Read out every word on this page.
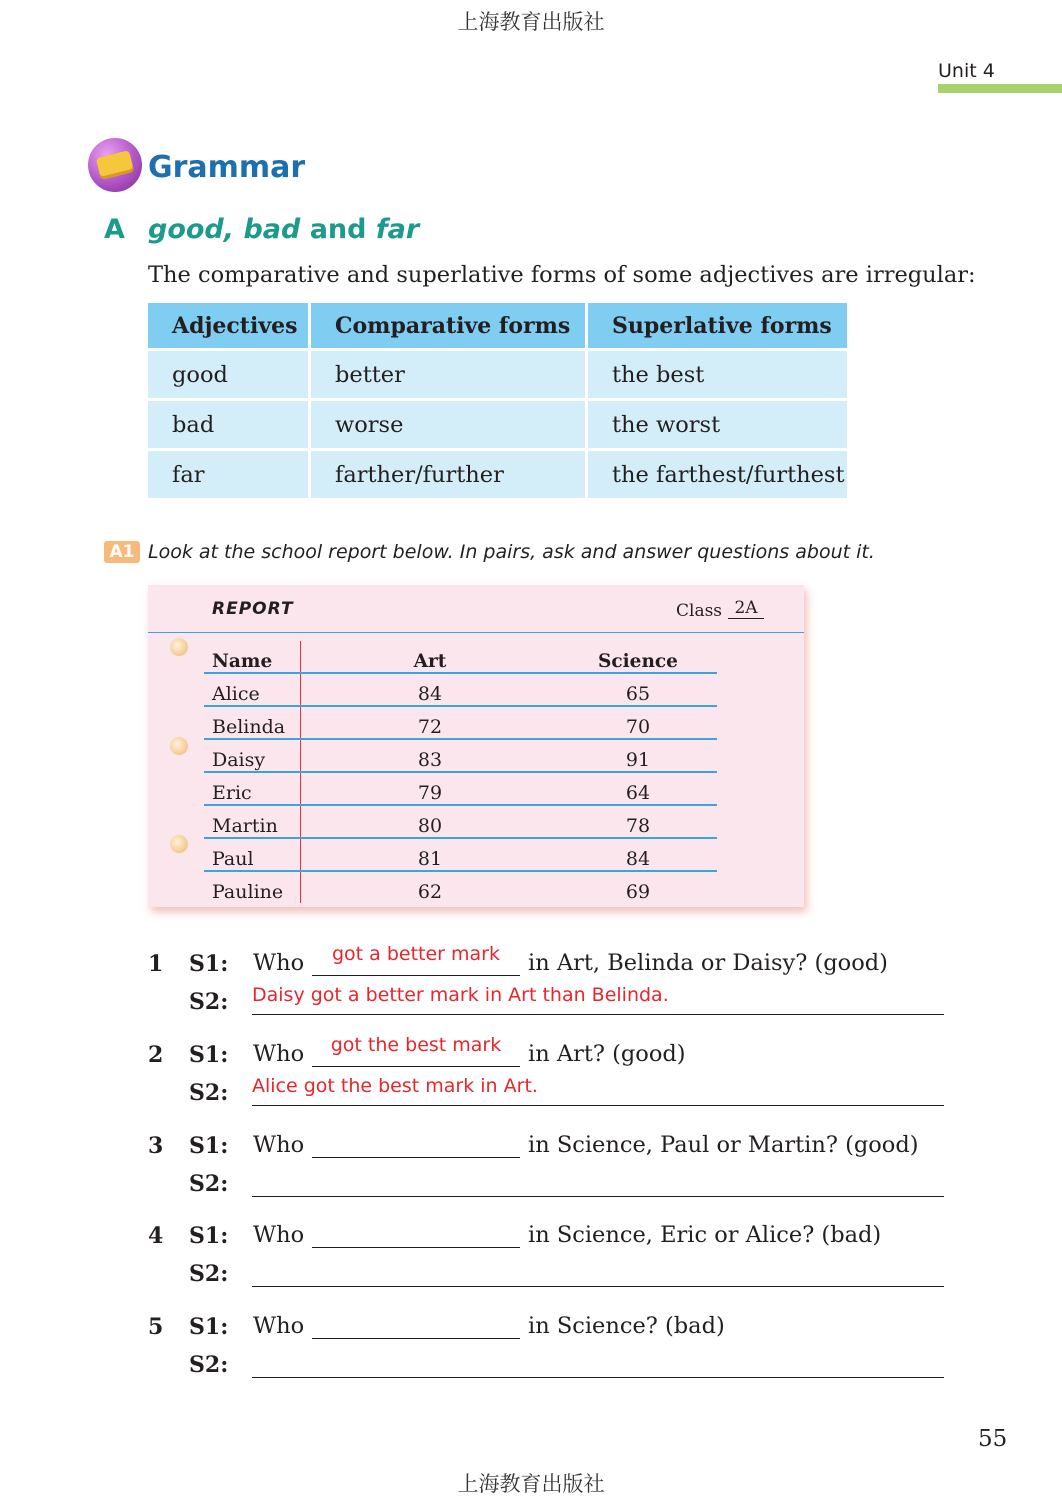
上海教育出版社
Unit 4
Grammar
A good, bad and far
The comparative and superlative forms of some adjectives are irregular:
Adjectives	Comparative forms	Superlative forms
good	better	the best
bad	worse	the worst
far	farther/further	the farthest/furthest
A1 Look at the school report below. In pairs, ask and answer questions about it.
REPORT	Class 2A
Name	Art	Science
Alice	84	65
Belinda	72	70
Daisy	83	91
Eric	79	64
Martin	80	78
Paul	81	84
Pauline	62	69
1 S1: Who	got a better mark	in Art, Belinda or Daisy? (good)
S2: Daisy got a better mark in Art than Belinda.
2 S1: Who	got the best mark	in Art? (good)
S2: Alice got the best mark in Art.
3 S1: Who	in Science, Paul or Martin? (good)
S2:
4 S1: Who	in Science, Eric or Alice? (bad)
S2:
5 S1: Who	in Science? (bad)
S2:
55
上海教育出版社
